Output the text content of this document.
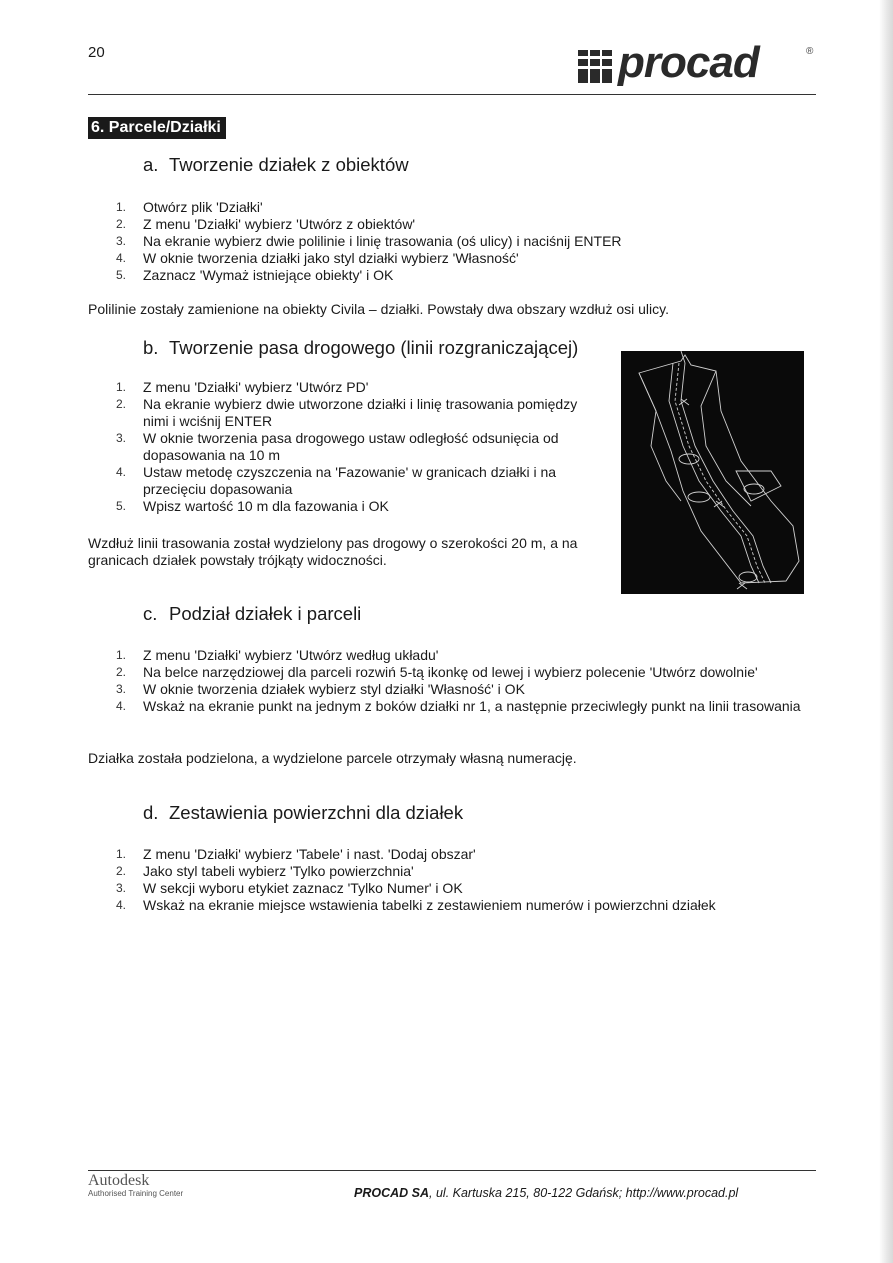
20	procad	®
6. Parcele/Działki
a. Tworzenie działek z obiektów
1. Otwórz plik 'Działki'
2. Z menu 'Działki' wybierz 'Utwórz z obiektów'
3. Na ekranie wybierz dwie polilinie i linię trasowania (oś ulicy) i naciśnij ENTER
4. W oknie tworzenia działki jako styl działki wybierz 'Własność'
5. Zaznacz 'Wymaż istniejące obiekty' i OK
Polilinie zostały zamienione na obiekty Civila – działki. Powstały dwa obszary wzdłuż osi ulicy.
b. Tworzenie pasa drogowego (linii rozgraniczającej)
1. Z menu 'Działki' wybierz 'Utwórz PD'
2. Na ekranie wybierz dwie utworzone działki i linię trasowania pomiędzy nimi i wciśnij ENTER
3. W oknie tworzenia pasa drogowego ustaw odległość odsunięcia od dopasowania na 10 m
4. Ustaw metodę czyszczenia na 'Fazowanie' w granicach działki i na przecięciu dopasowania
5. Wpisz wartość 10 m dla fazowania i OK
Wzdłuż linii trasowania został wydzielony pas drogowy o szerokości 20 m, a na granicach działek powstały trójkąty widoczności.
c. Podział działek i parceli
1. Z menu 'Działki' wybierz 'Utwórz według układu'
2. Na belce narzędziowej dla parceli rozwiń 5-tą ikonkę od lewej i wybierz polecenie 'Utwórz dowolnie'
3. W oknie tworzenia działek wybierz styl działki 'Własność' i OK
4. Wskaż na ekranie punkt na jednym z boków działki nr 1, a następnie przeciwległy punkt na linii trasowania
Działka została podzielona, a wydzielone parcele otrzymały własną numerację.
d. Zestawienia powierzchni dla działek
1. Z menu 'Działki' wybierz 'Tabele' i nast. 'Dodaj obszar'
2. Jako styl tabeli wybierz 'Tylko powierzchnia'
3. W sekcji wyboru etykiet zaznacz 'Tylko Numer' i OK
4. Wskaż na ekranie miejsce wstawienia tabelki z zestawieniem numerów i powierzchni działek
Autodesk
Authorised Training Center	PROCAD SA, ul. Kartuska 215, 80-122 Gdańsk; http://www.procad.pl
